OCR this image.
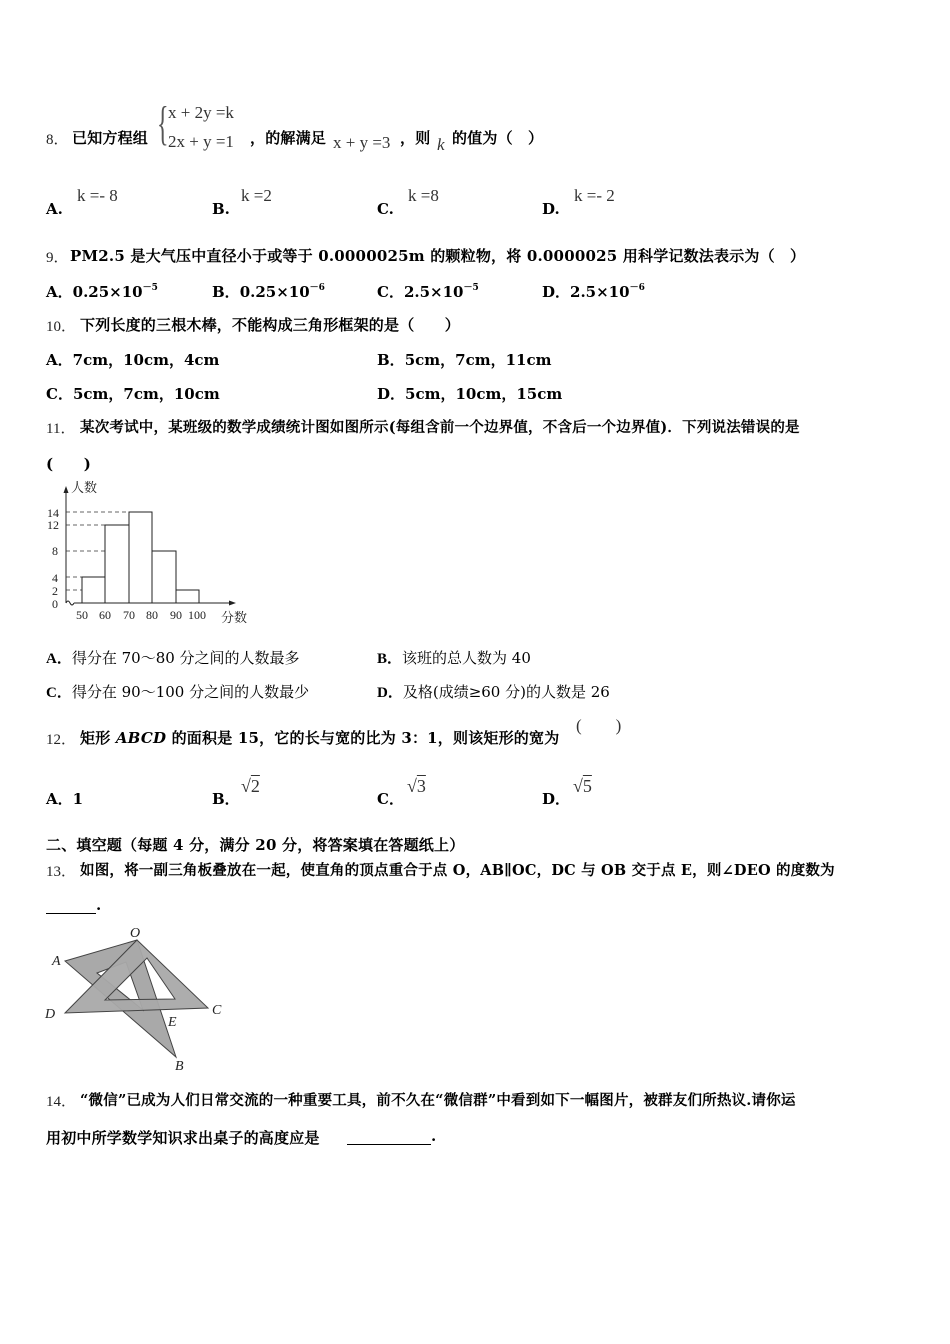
8． 已知方程组 { x + 2y =k
2x + y =1 ，的解满足 x + y =3 ，则 k 的值为（　）
A.
k =- 8
B.
k =2
C.
k =8
D.
k =- 2
9． PM2.5 是大气压中直径小于或等于 0.0000025m 的颗粒物，将 0.0000025 用科学记数法表示为（　）
A．$0.25\times 10^{-5}$	B．$0.25\times 10^{-6}$	C．$2.5\times 10^{-5}$	D．$2.5\times 10^{-6}$
10． 下列长度的三根木棒，不能构成三角形框架的是（　　）
A．7cm，10cm，4cm	B．5cm，7cm，11cm
C．5cm，7cm，10cm	D．5cm，10cm，15cm
11． 某次考试中，某班级的数学成绩统计图如图所示(每组含前一个边界值，不含后一个边界值)．下列说法错误的是
(　　)
人数
14
12
8
4
2
0
50 60 70 80 90 100 分数
A．得分在 70～80 分之间的人数最多	B．该班的总人数为 40
C．得分在 90～100 分之间的人数最少	D．及格(成绩≥60 分)的人数是 26
12． 矩形 ABCD 的面积是 15，它的长与宽的比为 3：1，则该矩形的宽为
(　　)
A．1	B．
√2
C．
√3
D．
√5
二、填空题（每题 4 分，满分 20 分，将答案填在答题纸上）
13． 如图，将一副三角板叠放在一起，使直角的顶点重合于点 O，AB∥OC，DC 与 OB 交于点 E，则∠DEO 的度数为
.
O
A
D	C
E
B
14． “微信”已成为人们日常交流的一种重要工具，前不久在“微信群”中看到如下一幅图片，被群友们所热议.请你运
用初中所学数学知识求出桌子的高度应是	.
